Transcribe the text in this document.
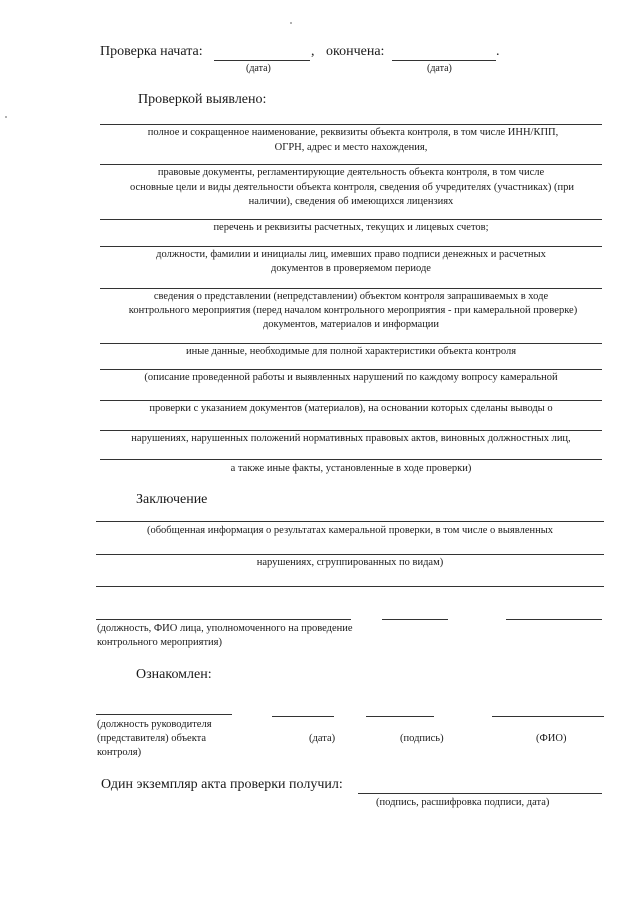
Проверка начата:	, окончена:	.
(дата)	(дата)
Проверкой выявлено:
полное и сокращенное наименование, реквизиты объекта контроля, в том числе ИНН/КПП,
ОГРН, адрес и место нахождения,
правовые документы, регламентирующие деятельность объекта контроля, в том числе
основные цели и виды деятельности объекта контроля, сведения об учредителях (участниках) (при
наличии), сведения об имеющихся лицензиях
перечень и реквизиты расчетных, текущих и лицевых счетов;
должности, фамилии и инициалы лиц, имевших право подписи денежных и расчетных
документов в проверяемом периоде
сведения о представлении (непредставлении) объектом контроля запрашиваемых в ходе
контрольного мероприятия (перед началом контрольного мероприятия - при камеральной проверке)
документов, материалов и информации
иные данные, необходимые для полной характеристики объекта контроля
(описание проведенной работы и выявленных нарушений по каждому вопросу камеральной
проверки с указанием документов (материалов), на основании которых сделаны выводы о
нарушениях, нарушенных положений нормативных правовых актов, виновных должностных лиц,
а также иные факты, установленные в ходе проверки)
Заключение
(обобщенная информация о результатах камеральной проверки, в том числе о выявленных
нарушениях, сгруппированных по видам)
(должность, ФИО лица, уполномоченного на проведение
контрольного мероприятия)
Ознакомлен:
(должность руководителя
(представителя) объекта
контроля)
(дата)	(подпись)	(ФИО)
Один экземпляр акта проверки получил:
(подпись, расшифровка подписи, дата)
